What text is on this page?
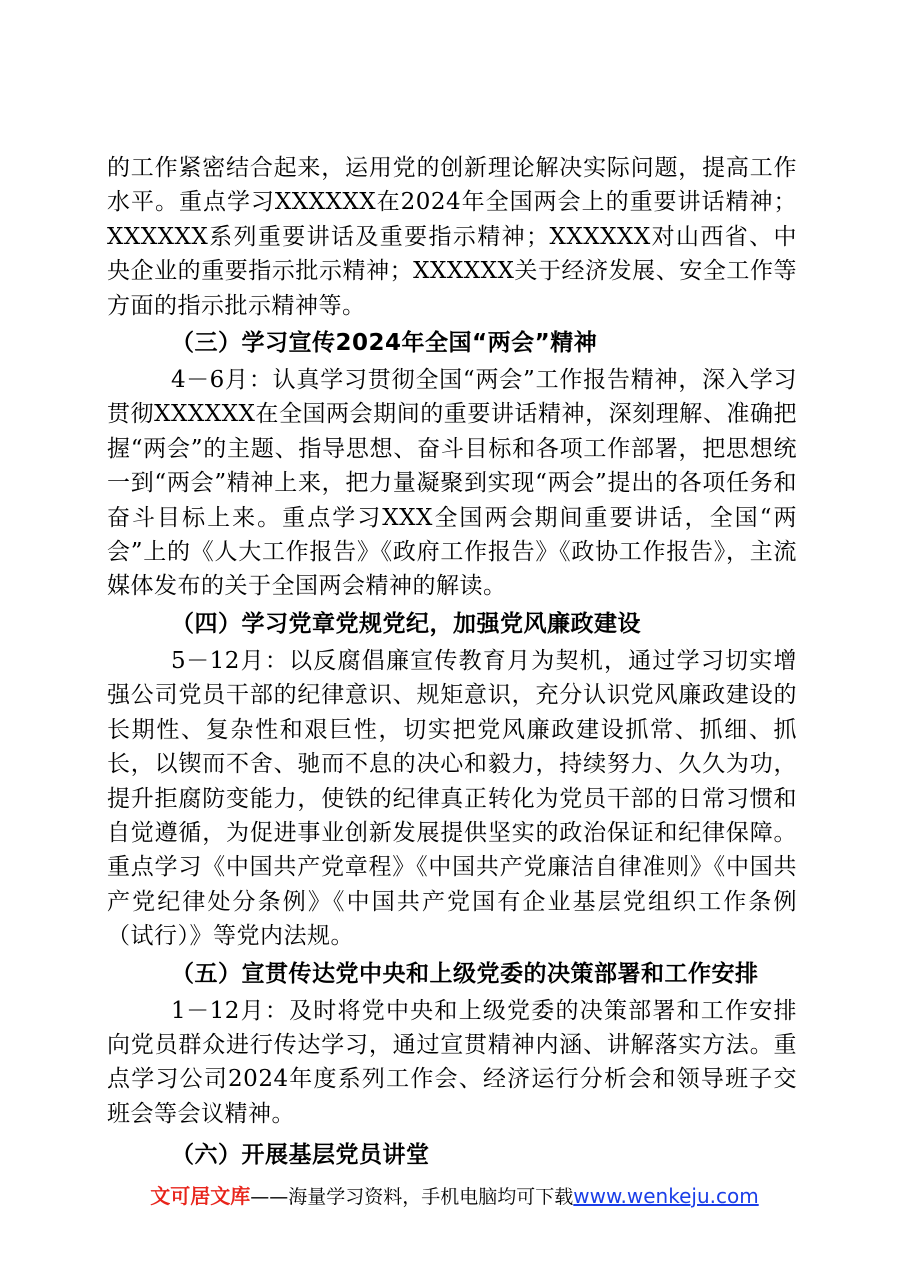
的工作紧密结合起来，运用党的创新理论解决实际问题，提高工作水平。重点学习XXXXXX在2024年全国两会上的重要讲话精神；XXXXXX系列重要讲话及重要指示精神；XXXXXX对山西省、中央企业的重要指示批示精神；XXXXXX关于经济发展、安全工作等方面的指示批示精神等。

（三）学习宣传2024年全国“两会”精神

4－6月：认真学习贯彻全国“两会”工作报告精神，深入学习贯彻XXXXXX在全国两会期间的重要讲话精神，深刻理解、准确把握“两会”的主题、指导思想、奋斗目标和各项工作部署，把思想统一到“两会”精神上来，把力量凝聚到实现“两会”提出的各项任务和奋斗目标上来。重点学习XXX全国两会期间重要讲话，全国“两会”上的《人大工作报告》《政府工作报告》《政协工作报告》，主流媒体发布的关于全国两会精神的解读。

（四）学习党章党规党纪，加强党风廉政建设

5－12月：以反腐倡廉宣传教育月为契机，通过学习切实增强公司党员干部的纪律意识、规矩意识，充分认识党风廉政建设的长期性、复杂性和艰巨性，切实把党风廉政建设抓常、抓细、抓长，以锲而不舍、驰而不息的决心和毅力，持续努力、久久为功，提升拒腐防变能力，使铁的纪律真正转化为党员干部的日常习惯和自觉遵循，为促进事业创新发展提供坚实的政治保证和纪律保障。重点学习《中国共产党章程》《中国共产党廉洁自律准则》《中国共产党纪律处分条例》《中国共产党国有企业基层党组织工作条例（试行）》等党内法规。

（五）宣贯传达党中央和上级党委的决策部署和工作安排

1－12月：及时将党中央和上级党委的决策部署和工作安排向党员群众进行传达学习，通过宣贯精神内涵、讲解落实方法。重点学习公司2024年度系列工作会、经济运行分析会和领导班子交班会等会议精神。

（六）开展基层党员讲堂
文可居文库——海量学习资料，手机电脑均可下载www.wenkeju.com
